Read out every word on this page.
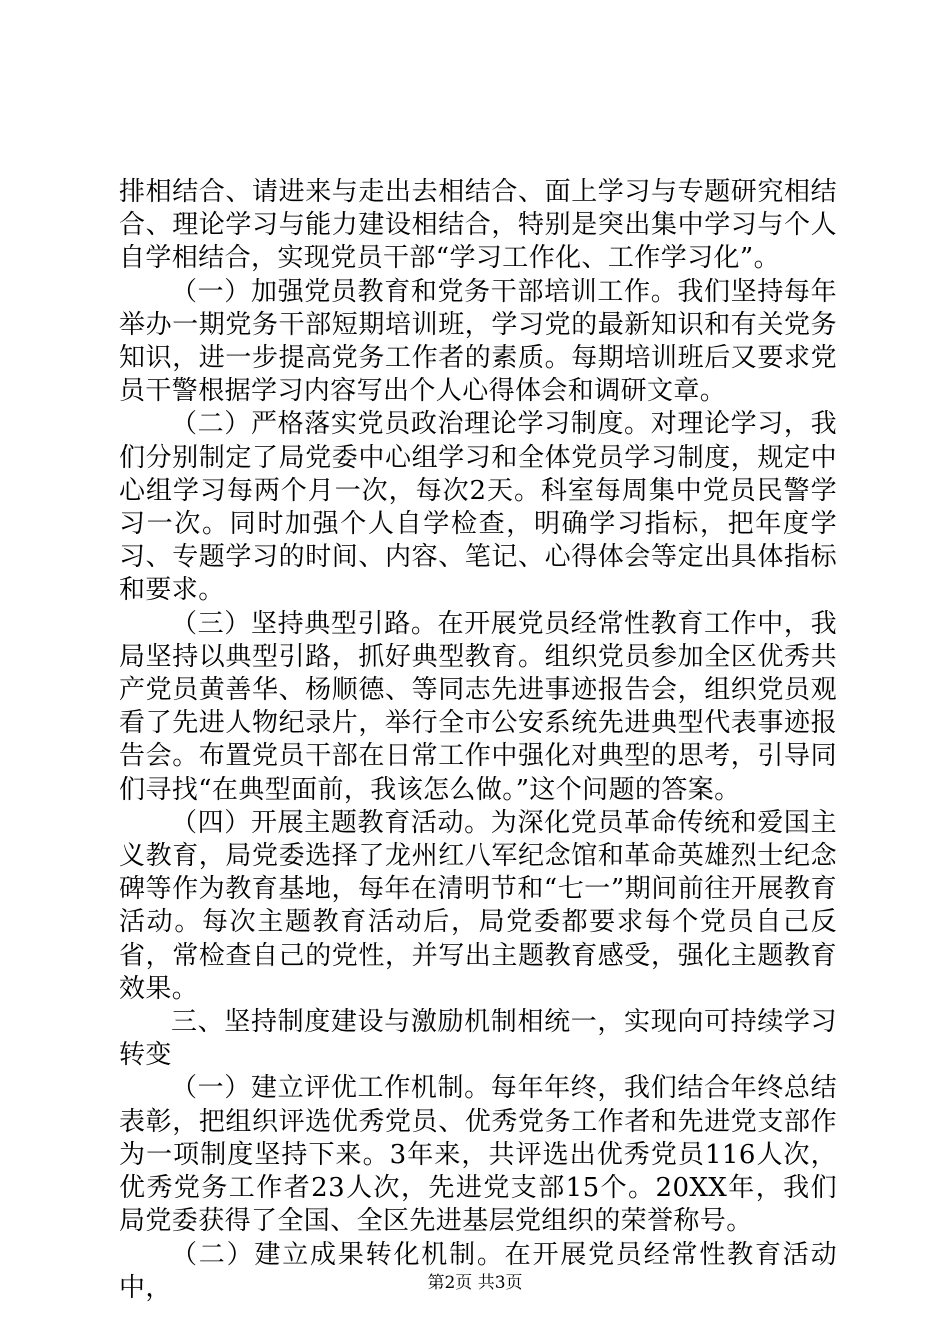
排相结合、请进来与走出去相结合、面上学习与专题研究相结合、理论学习与能力建设相结合，特别是突出集中学习与个人自学相结合，实现党员干部“学习工作化、工作学习化”。

（一）加强党员教育和党务干部培训工作。我们坚持每年举办一期党务干部短期培训班，学习党的最新知识和有关党务知识，进一步提高党务工作者的素质。每期培训班后又要求党员干警根据学习内容写出个人心得体会和调研文章。

（二）严格落实党员政治理论学习制度。对理论学习，我们分别制定了局党委中心组学习和全体党员学习制度，规定中心组学习每两个月一次，每次2天。科室每周集中党员民警学习一次。同时加强个人自学检查，明确学习指标，把年度学习、专题学习的时间、内容、笔记、心得体会等定出具体指标和要求。

（三）坚持典型引路。在开展党员经常性教育工作中，我局坚持以典型引路，抓好典型教育。组织党员参加全区优秀共产党员黄善华、杨顺德、等同志先进事迹报告会，组织党员观看了先进人物纪录片，举行全市公安系统先进典型代表事迹报告会。布置党员干部在日常工作中强化对典型的思考，引导同们寻找“在典型面前，我该怎么做。”这个问题的答案。

（四）开展主题教育活动。为深化党员革命传统和爱国主义教育，局党委选择了龙州红八军纪念馆和革命英雄烈士纪念碑等作为教育基地，每年在清明节和“七一”期间前往开展教育活动。每次主题教育活动后，局党委都要求每个党员自己反省，常检查自己的党性，并写出主题教育感受，强化主题教育效果。

三、坚持制度建设与激励机制相统一，实现向可持续学习转变

（一）建立评优工作机制。每年年终，我们结合年终总结表彰，把组织评选优秀党员、优秀党务工作者和先进党支部作为一项制度坚持下来。3年来，共评选出优秀党员116人次，优秀党务工作者23人次，先进党支部15个。20XX年，我们局党委获得了全国、全区先进基层党组织的荣誉称号。

（二）建立成果转化机制。在开展党员经常性教育活动中，	第2页 共3页
